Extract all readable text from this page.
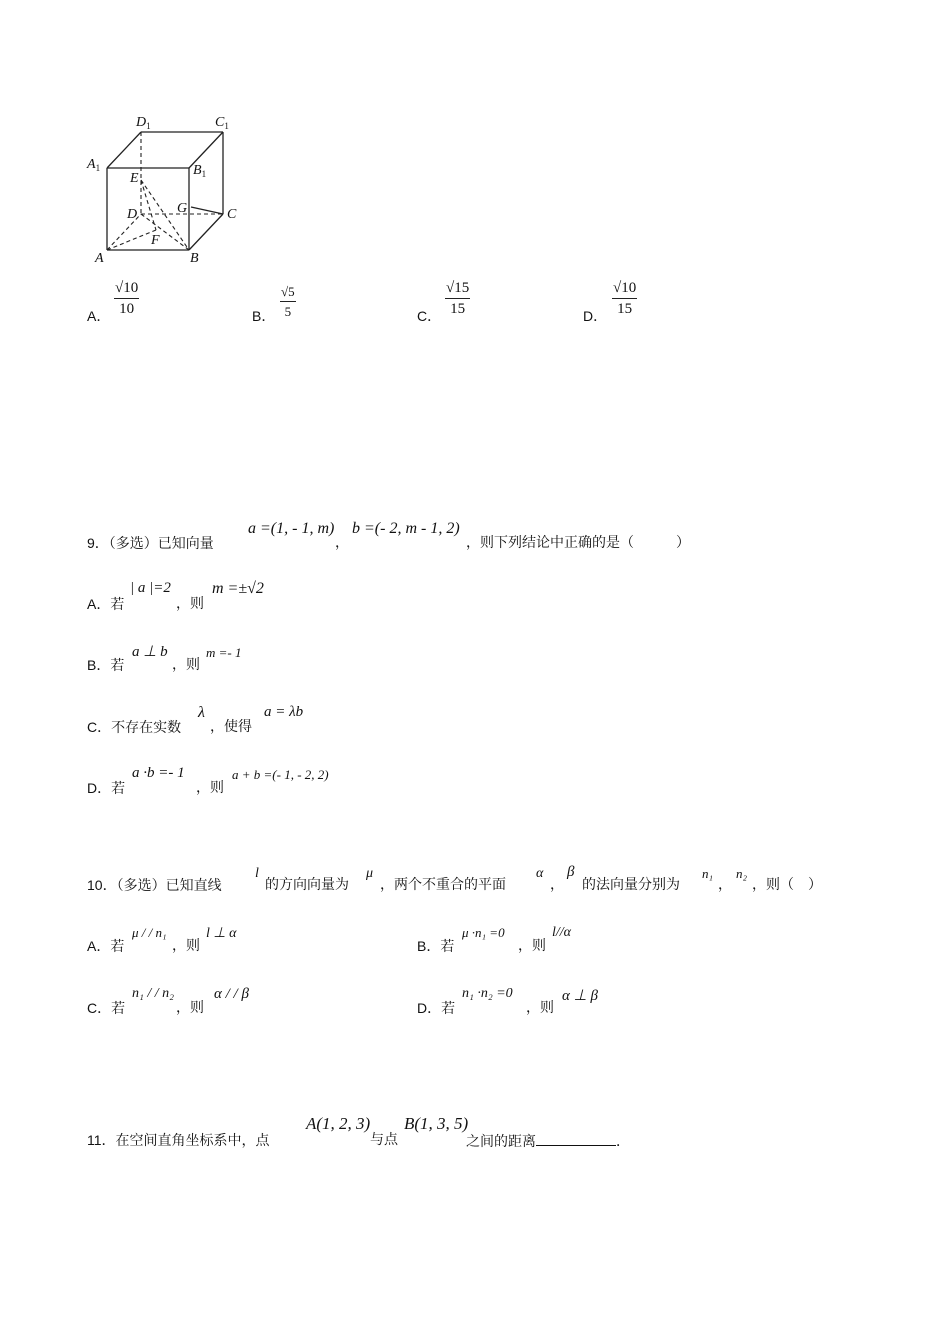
$D_1$	$C_1$
$A_1$	$B_1$
E
D	G	C
F
A	B
A． $\frac{√10}{10}$	B． $\frac{√5}{5}$	C． $\frac{√15}{15}$	D． $\frac{√10}{15}$
9．（多选）已知向量
a =(1, - 1, m)
，
b =(- 2, m - 1, 2)
，则下列结论中正确的是（　　　）
A．若
| a |=2
，则
m =±√2
B．若
a ⊥ b
，则
m =- 1
C．不存在实数
λ
，使得
a = λb
D．若
a ·b =- 1
，则
a + b =(- 1, - 2, 2)
10．（多选）已知直线
l
的方向向量为
μ
，两个不重合的平面
α
，
β
的法向量分别为
n₁
，
n₂
，则（　）
A．若
μ / / n₁
，则
l ⊥ α
B．若
μ ·n₁ =0
，则
l//α
C．若
n₁ / / n₂
，则
α / / β
D．若
n₁ ·n₂ =0
，则
α ⊥ β
11．在空间直角坐标系中，点
A(1, 2, 3)
与点
B(1, 3, 5)
之间的距离	．
